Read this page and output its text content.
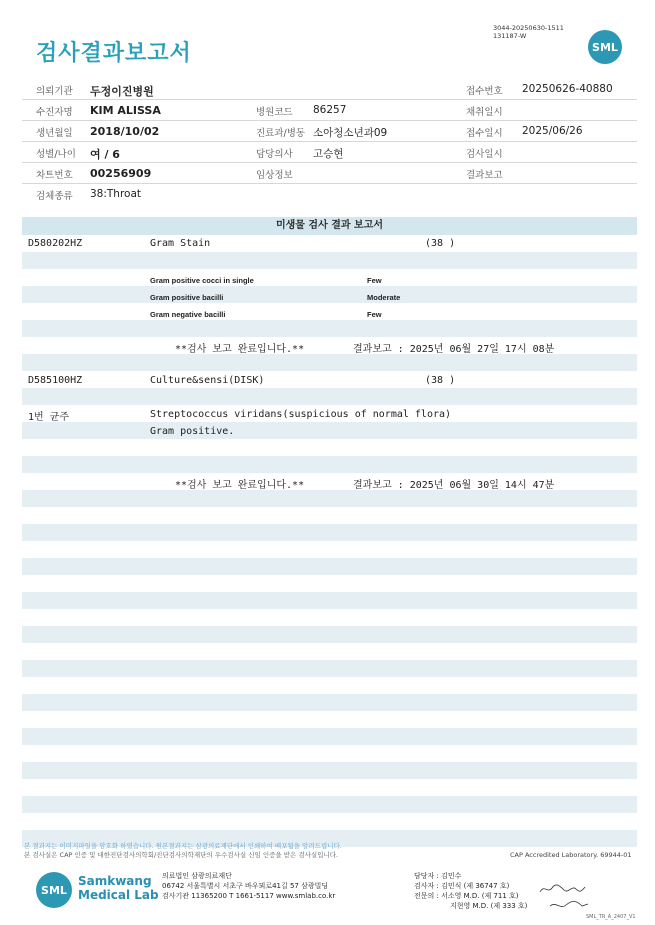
검사결과보고서
3044-20250630-1511
131187-W
SML
의뢰기관 두정이진병원	접수번호 20250626-40880
수진자명 KIM ALISSA	병원코드 86257	채취일시
생년월일 2018/10/02	진료과/병동 소아청소년과09	접수일시 2025/06/26
성별/나이 여 / 6	담당의사 고승현	검사일시
차트번호 00256909	임상정보	결과보고
검체종류 38:Throat
미생물 검사 결과 보고서
D580202HZ	Gram Stain	(38 )
Gram positive cocci in single	Few
Gram positive bacilli	Moderate
Gram negative bacilli	Few
**검사 보고 완료입니다.**	결과보고 : 2025년 06월 27일 17시 08분
D585100HZ	Culture&sensi(DISK)	(38 )
1번 균주	Streptococcus viridans(suspicious of normal flora)
Gram positive.
**검사 보고 완료입니다.**	결과보고 : 2025년 06월 30일 14시 47분
본 결과지는 이미지파일을 암호화 하였습니다. 원본결과지는 삼광의료재단에서 인쇄하여 배포됨을 알려드립니다.
본 검사실은 CAP 인증 및 대한진단검사의학회/진단검사의학재단의 우수검사실 신임 인증을 받은 검사실입니다.	CAP Accredited Laboratory. 69944-01
SML
Samkwang
Medical Lab
의료법인 삼광의료재단
06742 서울특별시 서초구 바우뫼로41길 57 삼광빌딩
검사기관 11365200 T 1661-5117 www.smlab.co.kr
담당자 : 김민수
검사자 : 김민식 (제 36747 호)
전문의 : 서소영 M.D. (제 711 호)
지현영 M.D. (제 333 호)
SML_TR_A_2407_V1
